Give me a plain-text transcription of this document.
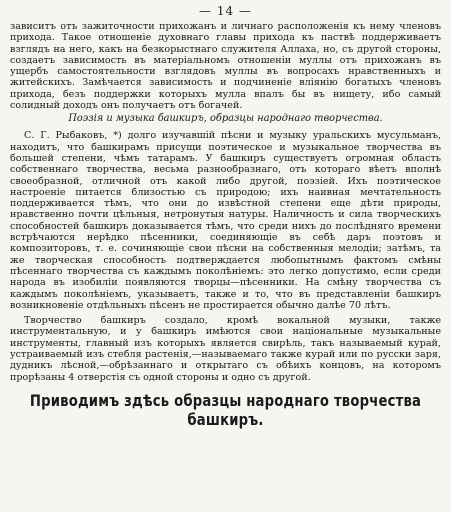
— 14 —

зависитъ отъ зажиточности прихожанъ и личнаго расположенія къ нему членовъ прихода. Такое отношеніе духовнаго главы прихода къ паствѣ поддерживаетъ взглядъ на него, какъ на безкорыстнаго служителя Аллаха, но, съ другой стороны, создаетъ зависимость въ матеріальномъ отношеніи муллы отъ прихожанъ въ ущербъ самостоятельности взглядовъ муллы въ вопросахъ нравственныхъ и житейскихъ. Замѣчается зависимость и подчиненіе вліянію богатыхъ членовъ прихода, безъ поддержки которыхъ мулла впалъ бы въ нищету, ибо самый солидный доходъ онъ получаетъ отъ богачей.

Поэзія и музыка башкиръ, образцы народнаго творчества.

С. Г. Рыбаковъ, *) долго изучавшій пѣсни и музыку уральскихъ мусульманъ, находитъ, что башкирамъ присущи поэтическое и музыкальное творчества въ большей степени, чѣмъ татарамъ. У башкиръ существуетъ огромная область собственнаго творчества, весьма разнообразнаго, отъ котораго вѣетъ вполнѣ своеобразной, отличной отъ какой либо другой, поэзіей. Ихъ поэтическое настроеніе питается близостью съ природою; ихъ наивная мечтательность поддерживается тѣмъ, что они до извѣстной степени еще дѣти природы, нравственно почти цѣльныя, нетронутыя натуры. Наличность и сила творческихъ способностей башкиръ доказывается тѣмъ, что среди нихъ до послѣдняго времени встрѣчаются нерѣдко пѣсенники, соединяющіе въ себѣ даръ поэтовъ и композиторовъ, т. е. сочиняющіе свои пѣсни на собственныя мелодіи; затѣмъ, та же творческая способность подтверждается любопытнымъ фактомъ смѣны пѣсеннаго творчества съ каждымъ поколѣніемъ: это легко допустимо, если среди народа въ изобиліи появляются творцы—пѣсенники. На смѣну творчества съ каждымъ поколѣніемъ, указываетъ, также и то, что въ представленіи башкиръ возникновеніе отдѣльныхъ пѣсенъ не простирается обычно далѣе 70 лѣтъ.

Творчество башкиръ создало, кромѣ вокальной музыки, также инструментальную, и у башкиръ имѣются свои національные музыкальные инструменты, главный изъ которыхъ является свирѣль, такъ называемый курай, устраиваемый изъ стебля растенія,—называемаго также курай или по русски заря, дудникъ лѣсной,—обрѣзаннаго и открытаго съ обѣихъ концовъ, на которомъ прорѣзаны 4 отверстія съ одной стороны и одно съ другой.

Приводимъ здѣсь образцы народнаго творчества башкиръ.
